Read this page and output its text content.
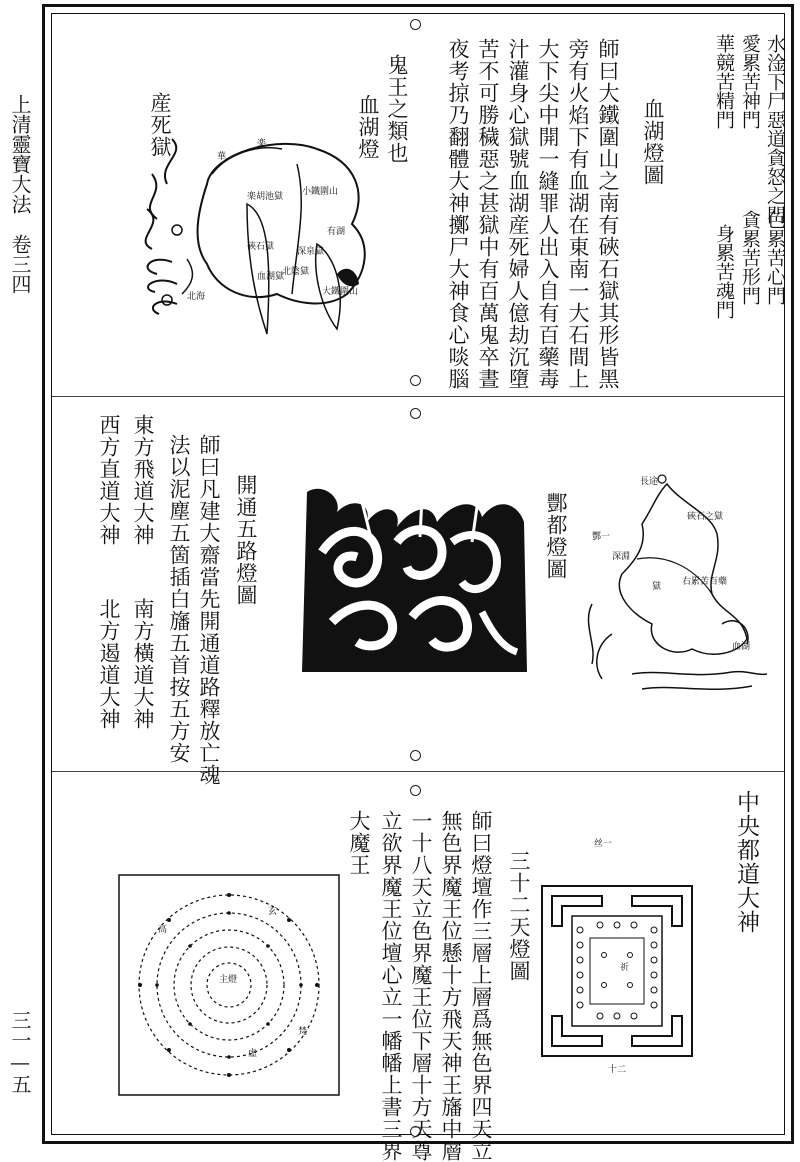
上清靈寶大法　卷三四
三一—五
水淦下尸惡道貪怒之門
愛累苦神門
華競苦精門
色累苦心門
貪累苦形門
身累苦魂門
血湖燈圖
師曰大鐵圍山之南有硤石獄其形皆黑
旁有火焰下有血湖在東南一大石間上
大下尖中開一縫罪人出入自有百藥毒
汁灌身心獄號血湖産死婦人億劫沉墮
苦不可勝穢惡之甚獄中有百萬鬼卒晝
夜考掠乃翻體大神擲尸大神食心啖腦
鬼王之類也
血湖燈
産死獄	華
楽
小鐵圍山
楽胡池獄
硤石獄	深泉獄
血湖獄
北陰獄
有湖
大鐵圍山
北海
開通五路燈圖
師曰凡建大齋當先開通道路釋放亡魂
法以泥塵五箇插白旛五首按五方安
東方飛道大神
南方橫道大神
西方直道大神
北方遏道大神
酆都燈圖
長途
深淵
硤石之獄
獄 右累苦百藥
血湖
酆一
中央都道大神
三十二天燈圖
師曰燈壇作三層上層爲無色界四天立
無色界魔王位懸十方飛天神王旛中層
一十八天立色界魔王位下層十方天尊
立欲界魔王位壇心立一幡幡上書三界
大魔王	丝一
祈
十二
主燈
高
玄
梵
虛
